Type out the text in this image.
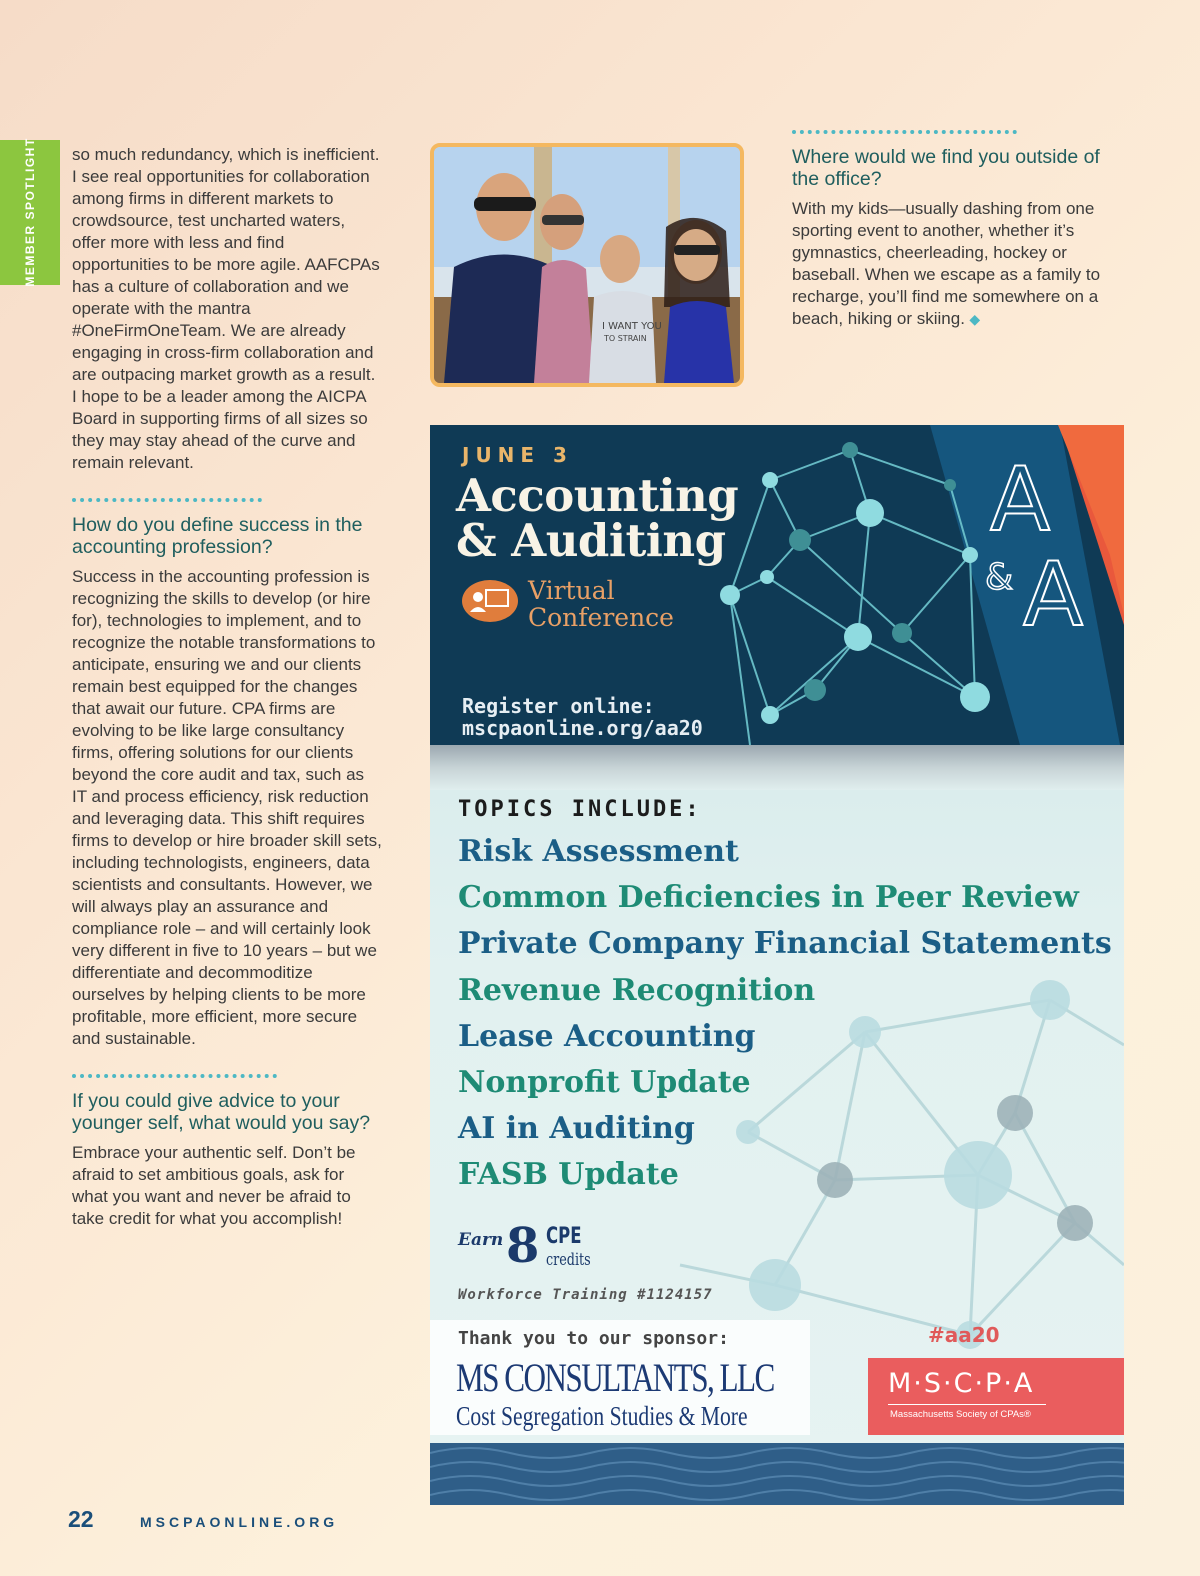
MEMBER SPOTLIGHT so much redundancy, which is inefficient. I see real opportunities for collaboration among firms in different markets to crowdsource, test uncharted waters, offer more with less and find opportunities to be more agile. AAFCPAs has a culture of collaboration and we operate with the mantra #OneFirmOneTeam. We are already engaging in cross-firm collaboration and are outpacing market growth as a result. I hope to be a leader among the AICPA Board in supporting firms of all sizes so they may stay ahead of the curve and remain relevant.

How do you define success in the accounting profession?

Success in the accounting profession is recognizing the skills to develop (or hire for), technologies to implement, and to recognize the notable transformations to anticipate, ensuring we and our clients remain best equipped for the changes that await our future. CPA firms are evolving to be like large consultancy firms, offering solutions for our clients beyond the core audit and tax, such as IT and process efficiency, risk reduction and leveraging data. This shift requires firms to develop or hire broader skill sets, including technologists, engineers, data scientists and consultants. However, we will always play an assurance and compliance role – and will certainly look very different in five to 10 years – but we differentiate and decommoditize ourselves by helping clients to be more profitable, more efficient, more secure and sustainable.

If you could give advice to your younger self, what would you say?

Embrace your authentic self. Don’t be afraid to set ambitious goals, ask for what you want and never be afraid to take credit for what you accomplish!

I WANT YOU
TO STRAIN
Where would we find you outside of the office?

With my kids—usually dashing from one sporting event to another, whether it’s gymnastics, cheerleading, hockey or baseball. When we escape as a family to recharge, you’ll find me somewhere on a beach, hiking or skiing. ◆
JUNE 3
Accounting
& Auditing
Virtual
Conference
A
& A
Register online:
mscpaonline.org/aa20
TOPICS INCLUDE:
Risk Assessment
Common Deficiencies in Peer Review
Private Company Financial Statements
Revenue Recognition
Lease Accounting
Nonprofit Update
AI in Auditing
FASB Update
Earn 8 CPE
credits
Workforce Training #1124157
Thank you to our sponsor:
MS CONSULTANTS, LLC
Cost Segregation Studies & More
#aa20
M·S·C·P·A
Massachusetts Society of CPAs®
22	MSCPAONLINE.ORG
